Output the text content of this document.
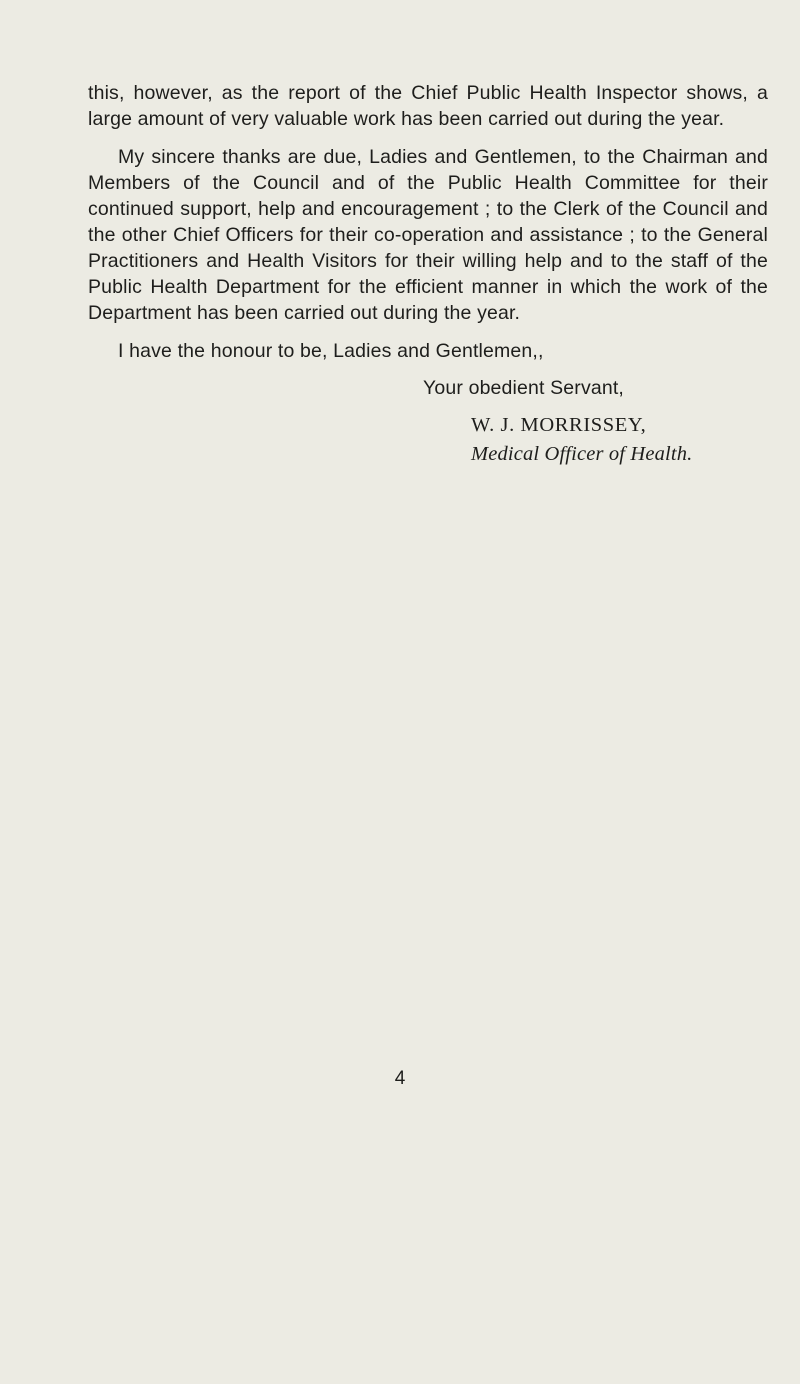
this, however, as the report of the Chief Public Health Inspector shows, a large amount of very valuable work has been carried out during the year.

My sincere thanks are due, Ladies and Gentlemen, to the Chairman and Members of the Council and of the Public Health Committee for their continued support, help and encouragement ; to the Clerk of the Council and the other Chief Officers for their co-operation and assistance ; to the General Practitioners and Health Visitors for their willing help and to the staff of the Public Health Department for the efficient manner in which the work of the Department has been carried out during the year.

I have the honour to be, Ladies and Gentlemen,,

Your obedient Servant,

W. J. MORRISSEY,

Medical Officer of Health.

4
